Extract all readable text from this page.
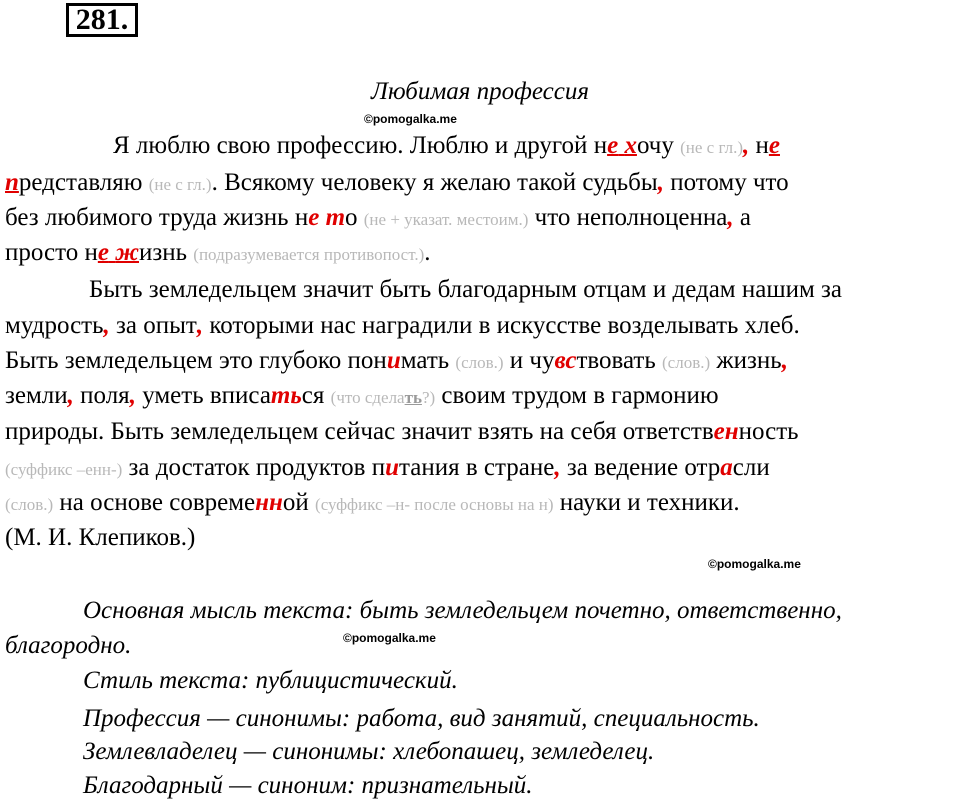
281.
Любимая профессия
©pomogalka.me
Я люблю свою профессию. Люблю и другой не хочу (не с гл.), не
представляю (не с гл.). Всякому человеку я желаю такой судьбы, потому что
без любимого труда жизнь не то (не + указат. местоим.) что неполноценна, а
просто не жизнь (подразумевается противопост.).
Быть земледельцем значит быть благодарным отцам и дедам нашим за
мудрость, за опыт, которыми нас наградили в искусстве возделывать хлеб.
Быть земледельцем это глубоко понимать (слов.) и чувствовать (слов.) жизнь,
земли, поля, уметь вписаться (что сделать?) своим трудом в гармонию
природы. Быть земледельцем сейчас значит взять на себя ответственность
(суффикс –енн-) за достаток продуктов питания в стране, за ведение отрасли
(слов.) на основе современной (суффикс –н- после основы на н) науки и техники.
(М. И. Клепиков.)
©pomogalka.me
Основная мысль текста: быть земледельцем почетно, ответственно,
благородно.	©pomogalka.me
Стиль текста: публицистический.
Профессия — синонимы: работа, вид занятий, специальность.
Землевладелец — синонимы: хлебопашец, земледелец.
Благодарный — синоним: признательный.
